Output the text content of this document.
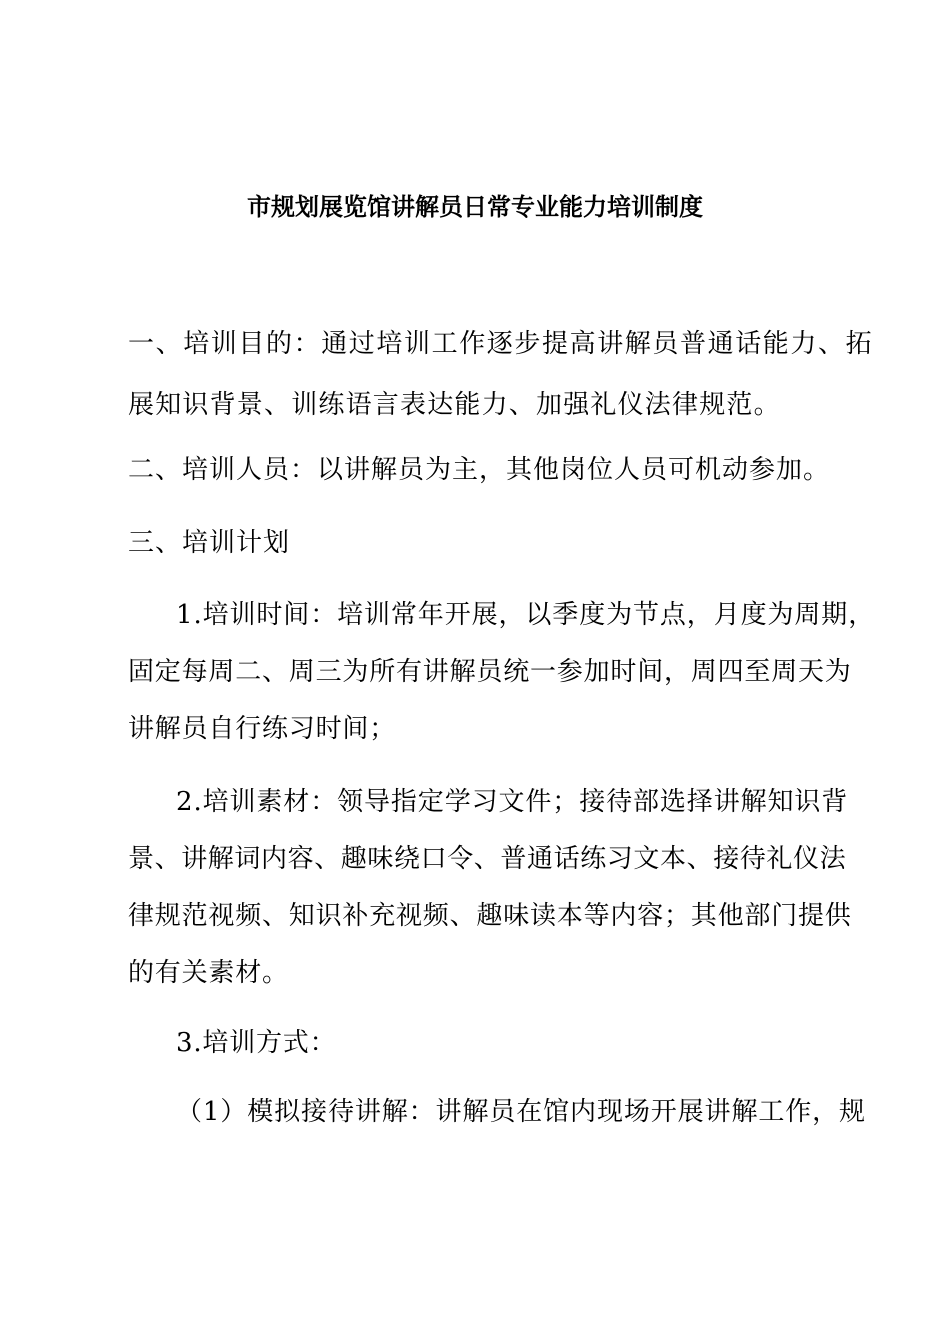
市规划展览馆讲解员日常专业能力培训制度
一、培训目的：通过培训工作逐步提高讲解员普通话能力、拓
展知识背景、训练语言表达能力、加强礼仪法律规范。
二、培训人员：以讲解员为主，其他岗位人员可机动参加。
三、培训计划
1.培训时间：培训常年开展，以季度为节点，月度为周期，
固定每周二、周三为所有讲解员统一参加时间，周四至周天为
讲解员自行练习时间；
2.培训素材：领导指定学习文件；接待部选择讲解知识背
景、讲解词内容、趣味绕口令、普通话练习文本、接待礼仪法
律规范视频、知识补充视频、趣味读本等内容；其他部门提供
的有关素材。
3.培训方式：
（1）模拟接待讲解：讲解员在馆内现场开展讲解工作，规
